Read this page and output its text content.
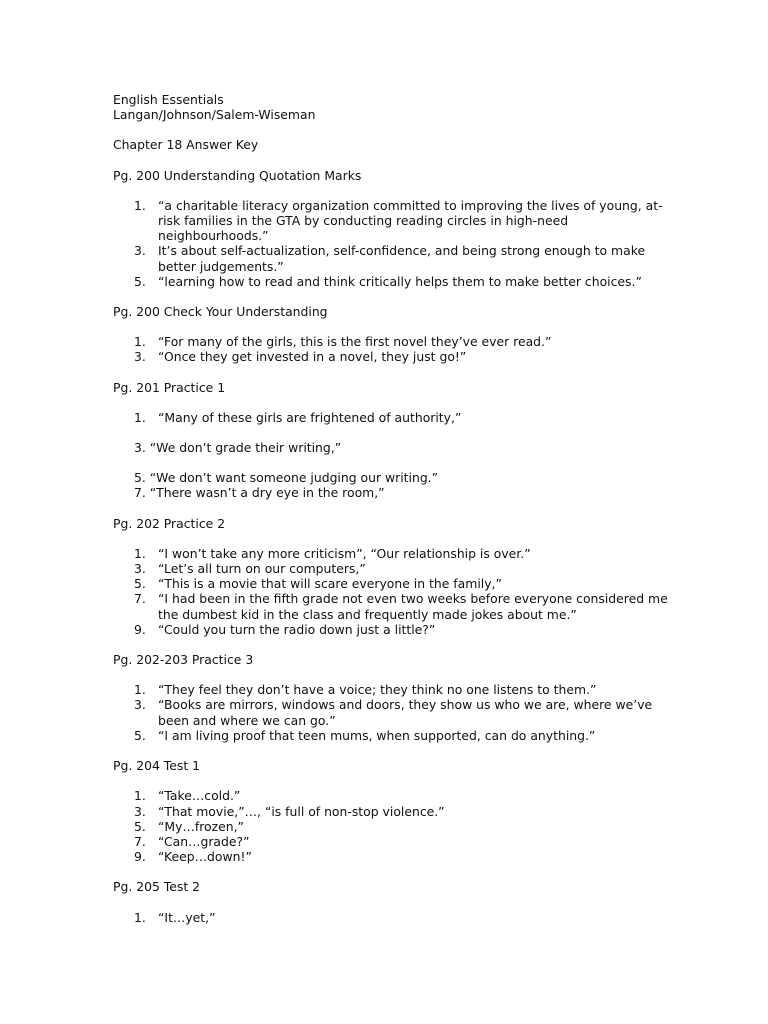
English Essentials
Langan/Johnson/Salem-Wiseman
Chapter 18 Answer Key
Pg. 200 Understanding Quotation Marks
1. “a charitable literacy organization committed to improving the lives of young, at-risk families in the GTA by conducting reading circles in high-need neighbourhoods.”
3. It’s about self-actualization, self-confidence, and being strong enough to make better judgements.”
5. “learning how to read and think critically helps them to make better choices.”
Pg. 200 Check Your Understanding
1. “For many of the girls, this is the first novel they’ve ever read.”
3. “Once they get invested in a novel, they just go!”
Pg. 201 Practice 1
1. “Many of these girls are frightened of authority,”
3. “We don’t grade their writing,”
5. “We don’t want someone judging our writing.”
7. “There wasn’t a dry eye in the room,”
Pg. 202 Practice 2
1. “I won’t take any more criticism”, “Our relationship is over.”
3. “Let’s all turn on our computers,”
5. “This is a movie that will scare everyone in the family,”
7. “I had been in the fifth grade not even two weeks before everyone considered me the dumbest kid in the class and frequently made jokes about me.”
9. “Could you turn the radio down just a little?”
Pg. 202-203 Practice 3
1. “They feel they don’t have a voice; they think no one listens to them.”
3. “Books are mirrors, windows and doors, they show us who we are, where we’ve been and where we can go.”
5. “I am living proof that teen mums, when supported, can do anything.”
Pg. 204 Test 1
1. “Take…cold.”
3. “That movie,”…, “is full of non-stop violence.”
5. “My…frozen,”
7. “Can…grade?”
9. “Keep…down!”
Pg. 205 Test 2
1. “It…yet,”
